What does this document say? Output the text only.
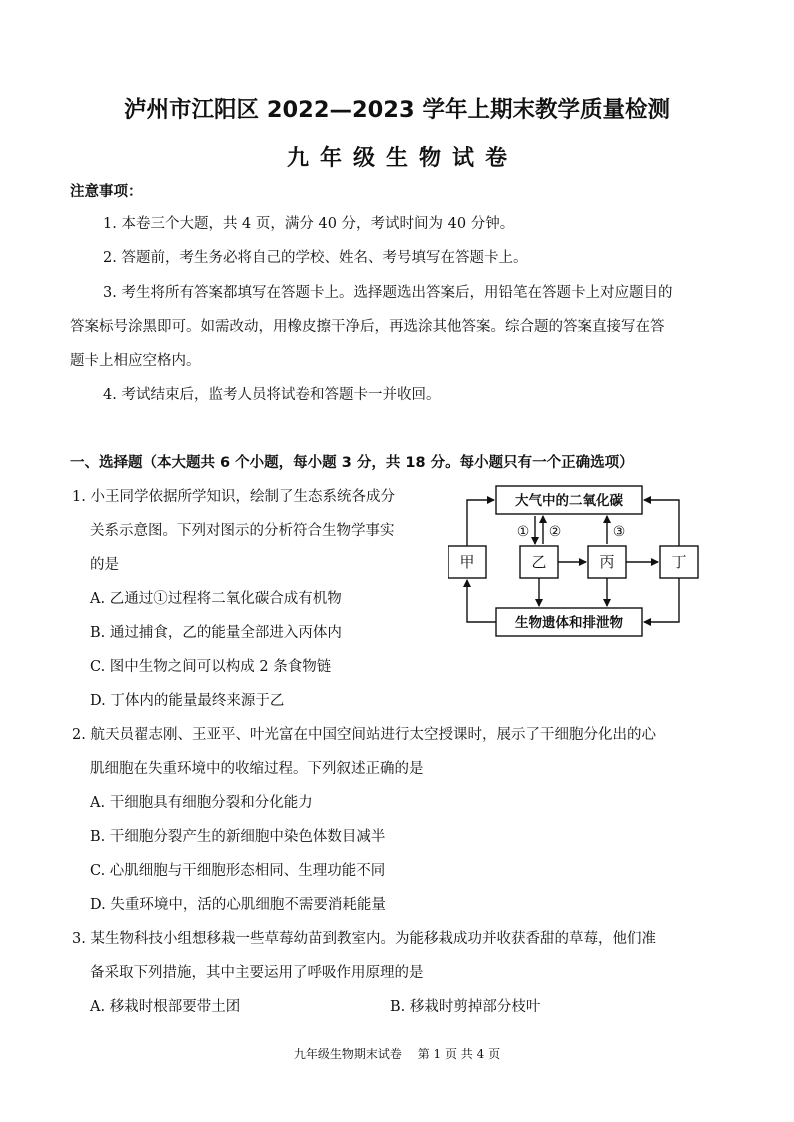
泸州市江阳区 2022—2023 学年上期末教学质量检测
九年级生物试卷
注意事项：
1. 本卷三个大题，共 4 页，满分 40 分，考试时间为 40 分钟。
2. 答题前，考生务必将自己的学校、姓名、考号填写在答题卡上。
3. 考生将所有答案都填写在答题卡上。选择题选出答案后，用铅笔在答题卡上对应题目的
答案标号涂黑即可。如需改动，用橡皮擦干净后，再选涂其他答案。综合题的答案直接写在答
题卡上相应空格内。
4. 考试结束后，监考人员将试卷和答题卡一并收回。
一、选择题（本大题共 6 个小题，每小题 3 分，共 18 分。每小题只有一个正确选项）
1. 小王同学依据所学知识，绘制了生态系统各成分
关系示意图。下列对图示的分析符合生物学事实
的是
A. 乙通过①过程将二氧化碳合成有机物
B. 通过捕食，乙的能量全部进入丙体内
C. 图中生物之间可以构成 2 条食物链
D. 丁体内的能量最终来源于乙
大气中的二氧化碳
生物遗体和排泄物
甲	乙	丙	丁
① ②	③
2. 航天员翟志刚、王亚平、叶光富在中国空间站进行太空授课时，展示了干细胞分化出的心
肌细胞在失重环境中的收缩过程。下列叙述正确的是
A. 干细胞具有细胞分裂和分化能力
B. 干细胞分裂产生的新细胞中染色体数目减半
C. 心肌细胞与干细胞形态相同、生理功能不同
D. 失重环境中，活的心肌细胞不需要消耗能量
3. 某生物科技小组想移栽一些草莓幼苗到教室内。为能移栽成功并收获香甜的草莓，他们准
备采取下列措施，其中主要运用了呼吸作用原理的是
A. 移栽时根部要带土团	B. 移栽时剪掉部分枝叶
九年级生物期末试卷　 第 1 页 共 4 页
